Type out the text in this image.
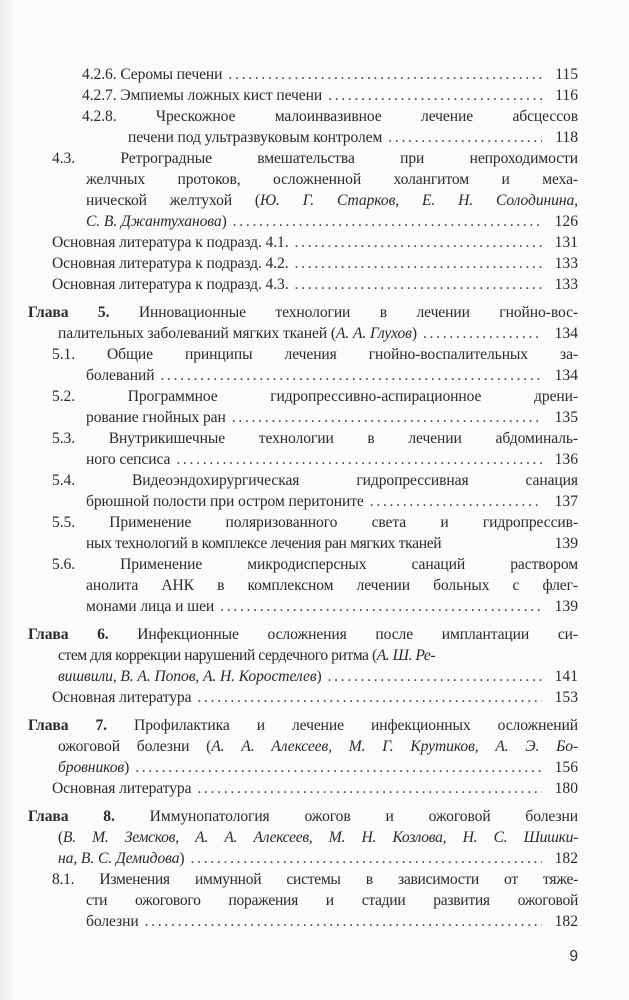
4.2.6. Серомы печени . . .	115
4.2.7. Эмпиемы ложных кист печени . . .	116
4.2.8.	Чрескожное малоинвазивное лечение абсцессов
печени под ультразвуковым контролем . . .	118
4.3.	Ретроградные вмешательства при непроходимости
желчных протоков, осложненной холангитом и меха-
нической желтухой (Ю. Г. Старков, Е. Н. Солодинина,
С. В. Джантуханова) . . .	126
Основная литература к подразд. 4.1. . . .	131
Основная литература к подразд. 4.2. . . .	133
Основная литература к подразд. 4.3. . . .	133
Глава 5. Инновационные технологии в лечении гнойно-вос-
палительных заболеваний мягких тканей (А. А. Глухов) . . .	134
5.1. Общие принципы лечения гнойно-воспалительных за-
болеваний . . .	134
5.2.	Программное гидропрессивно-аспирационное дрени-
рование гнойных ран . . .	135
5.3. Внутрикишечные технологии в лечении абдоминаль-
ного сепсиса . . .	136
5.4.	Видеоэндохирургическая гидропрессивная санация
брюшной полости при остром перитоните . . .	137
5.5. Применение поляризованного света и гидропрессив-
ных технологий в комплексе лечения ран мягких тканей	139
5.6.	Применение микродисперсных санаций раствором
анолита АНК в комплексном лечении больных с флег-
монами лица и шеи . . .	139
Глава 6. Инфекционные осложнения после имплантации си-
стем для коррекции нарушений сердечного ритма (А. Ш. Ре-
вишвили, В. А. Попов, А. Н. Коростелев) . . .	141
Основная литература . . .	153
Глава 7. Профилактика и лечение инфекционных осложнений
ожоговой болезни (А. А. Алексеев, М. Г. Крутиков, А. Э. Бо-
бровников) . . .	156
Основная литература . . .	180
Глава 8. Иммунопатология ожогов и ожоговой болезни
(В. М. Земсков, А. А. Алексеев, М. Н. Козлова, Н. С. Шишки-
на, В. С. Демидова) . . .	182
8.1. Изменения иммунной системы в зависимости от тяже-
сти ожогового поражения и стадии развития ожоговой
болезни . . .	182
9
